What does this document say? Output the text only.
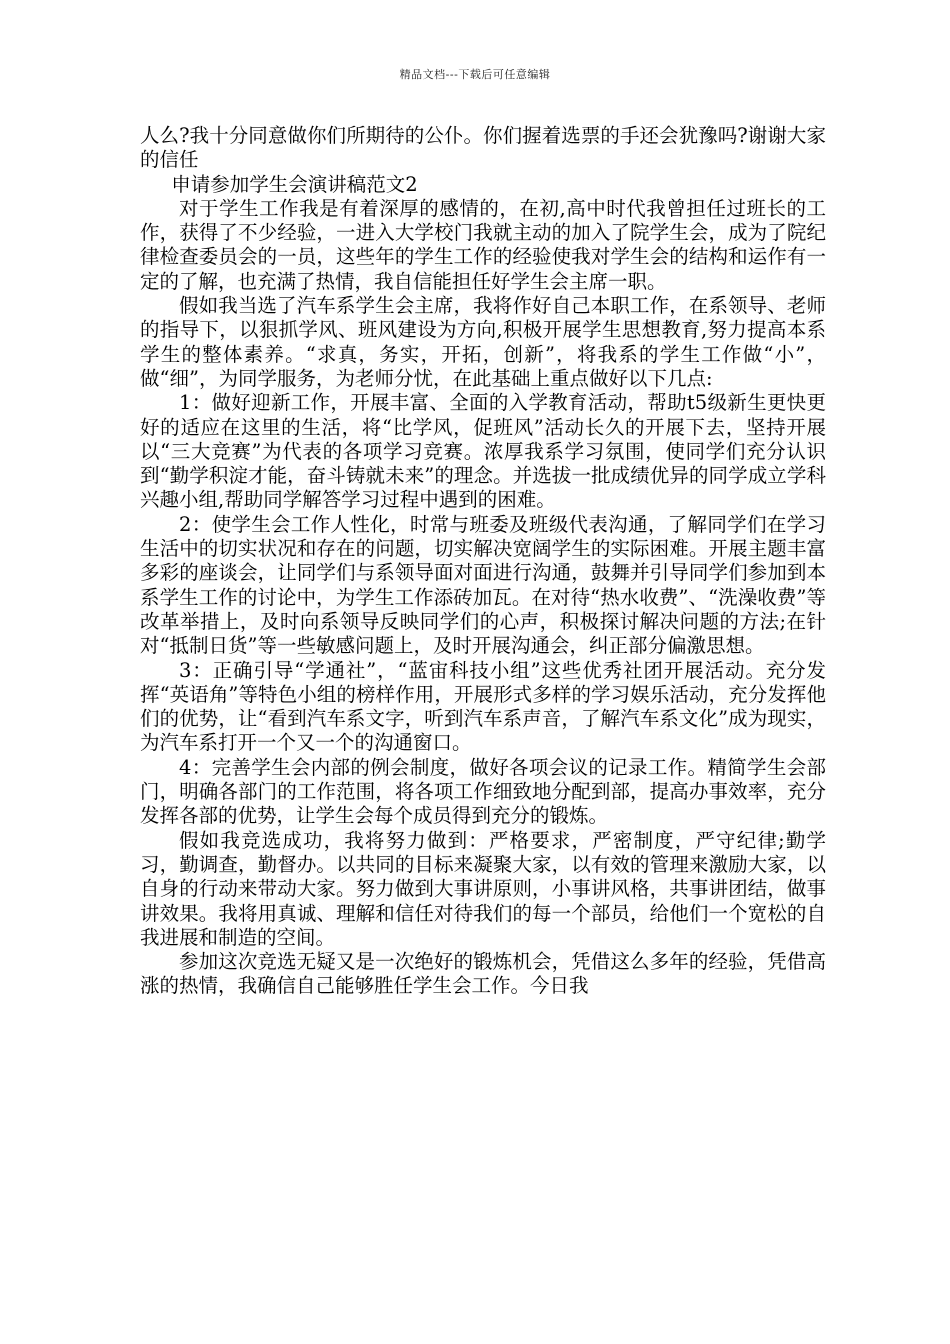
精品文档---下载后可任意编辑

人么?我十分同意做你们所期待的公仆。你们握着选票的手还会犹豫吗?谢谢大家的信任

申请参加学生会演讲稿范文2

对于学生工作我是有着深厚的感情的，在初,高中时代我曾担任过班长的工作，获得了不少经验，一进入大学校门我就主动的加入了院学生会，成为了院纪律检查委员会的一员，这些年的学生工作的经验使我对学生会的结构和运作有一定的了解，也充满了热情，我自信能担任好学生会主席一职。

假如我当选了汽车系学生会主席，我将作好自己本职工作，在系领导、老师的指导下，以狠抓学风、班风建设为方向,积极开展学生思想教育,努力提高本系学生的整体素养。“求真，务实，开拓，创新”，将我系的学生工作做“小”，做“细”，为同学服务，为老师分忧，在此基础上重点做好以下几点:

1：做好迎新工作，开展丰富、全面的入学教育活动，帮助t5级新生更快更好的适应在这里的生活，将“比学风，促班风”活动长久的开展下去，坚持开展以“三大竞赛”为代表的各项学习竞赛。浓厚我系学习氛围，使同学们充分认识到“勤学积淀才能，奋斗铸就未来”的理念。并选拔一批成绩优异的同学成立学科兴趣小组,帮助同学解答学习过程中遇到的困难。

2：使学生会工作人性化，时常与班委及班级代表沟通，了解同学们在学习生活中的切实状况和存在的问题，切实解决宽阔学生的实际困难。开展主题丰富多彩的座谈会，让同学们与系领导面对面进行沟通，鼓舞并引导同学们参加到本系学生工作的讨论中，为学生工作添砖加瓦。在对待“热水收费”、“洗澡收费”等改革举措上，及时向系领导反映同学们的心声，积极探讨解决问题的方法;在针对“抵制日货”等一些敏感问题上，及时开展沟通会，纠正部分偏激思想。

3：正确引导“学通社”，“蓝宙科技小组”这些优秀社团开展活动。充分发挥“英语角”等特色小组的榜样作用，开展形式多样的学习娱乐活动，充分发挥他们的优势，让“看到汽车系文字，听到汽车系声音，了解汽车系文化”成为现实，为汽车系打开一个又一个的沟通窗口。

4：完善学生会内部的例会制度，做好各项会议的记录工作。精简学生会部门，明确各部门的工作范围，将各项工作细致地分配到部，提高办事效率，充分发挥各部的优势，让学生会每个成员得到充分的锻炼。

假如我竞选成功，我将努力做到：严格要求，严密制度，严守纪律;勤学习，勤调查，勤督办。以共同的目标来凝聚大家，以有效的管理来激励大家，以自身的行动来带动大家。努力做到大事讲原则，小事讲风格，共事讲团结，做事讲效果。我将用真诚、理解和信任对待我们的每一个部员，给他们一个宽松的自我进展和制造的空间。

参加这次竞选无疑又是一次绝好的锻炼机会，凭借这么多年的经验，凭借高涨的热情，我确信自己能够胜任学生会工作。今日我
